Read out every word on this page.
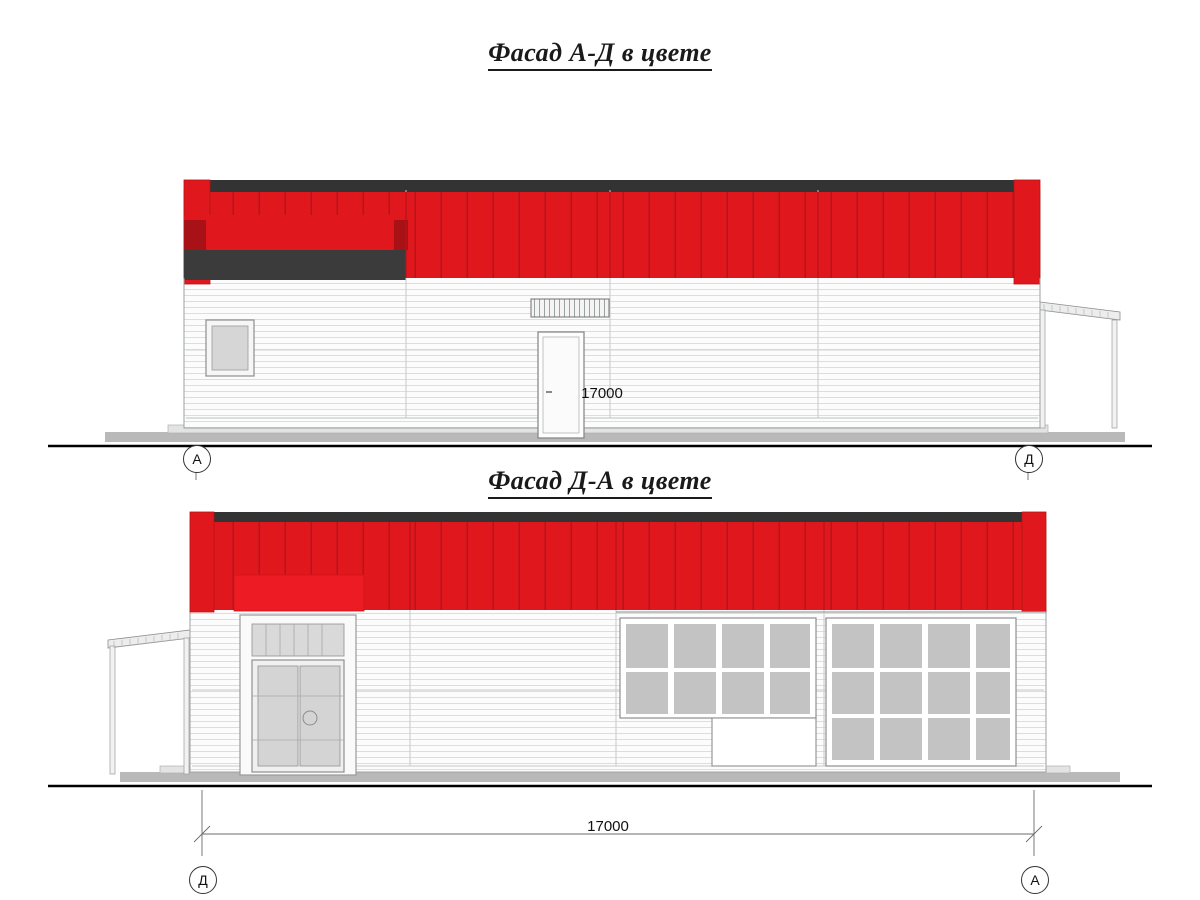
Фасад А-Д в цвете
17000
А	Д
Фасад Д-А в цвете
17000
Д	А
